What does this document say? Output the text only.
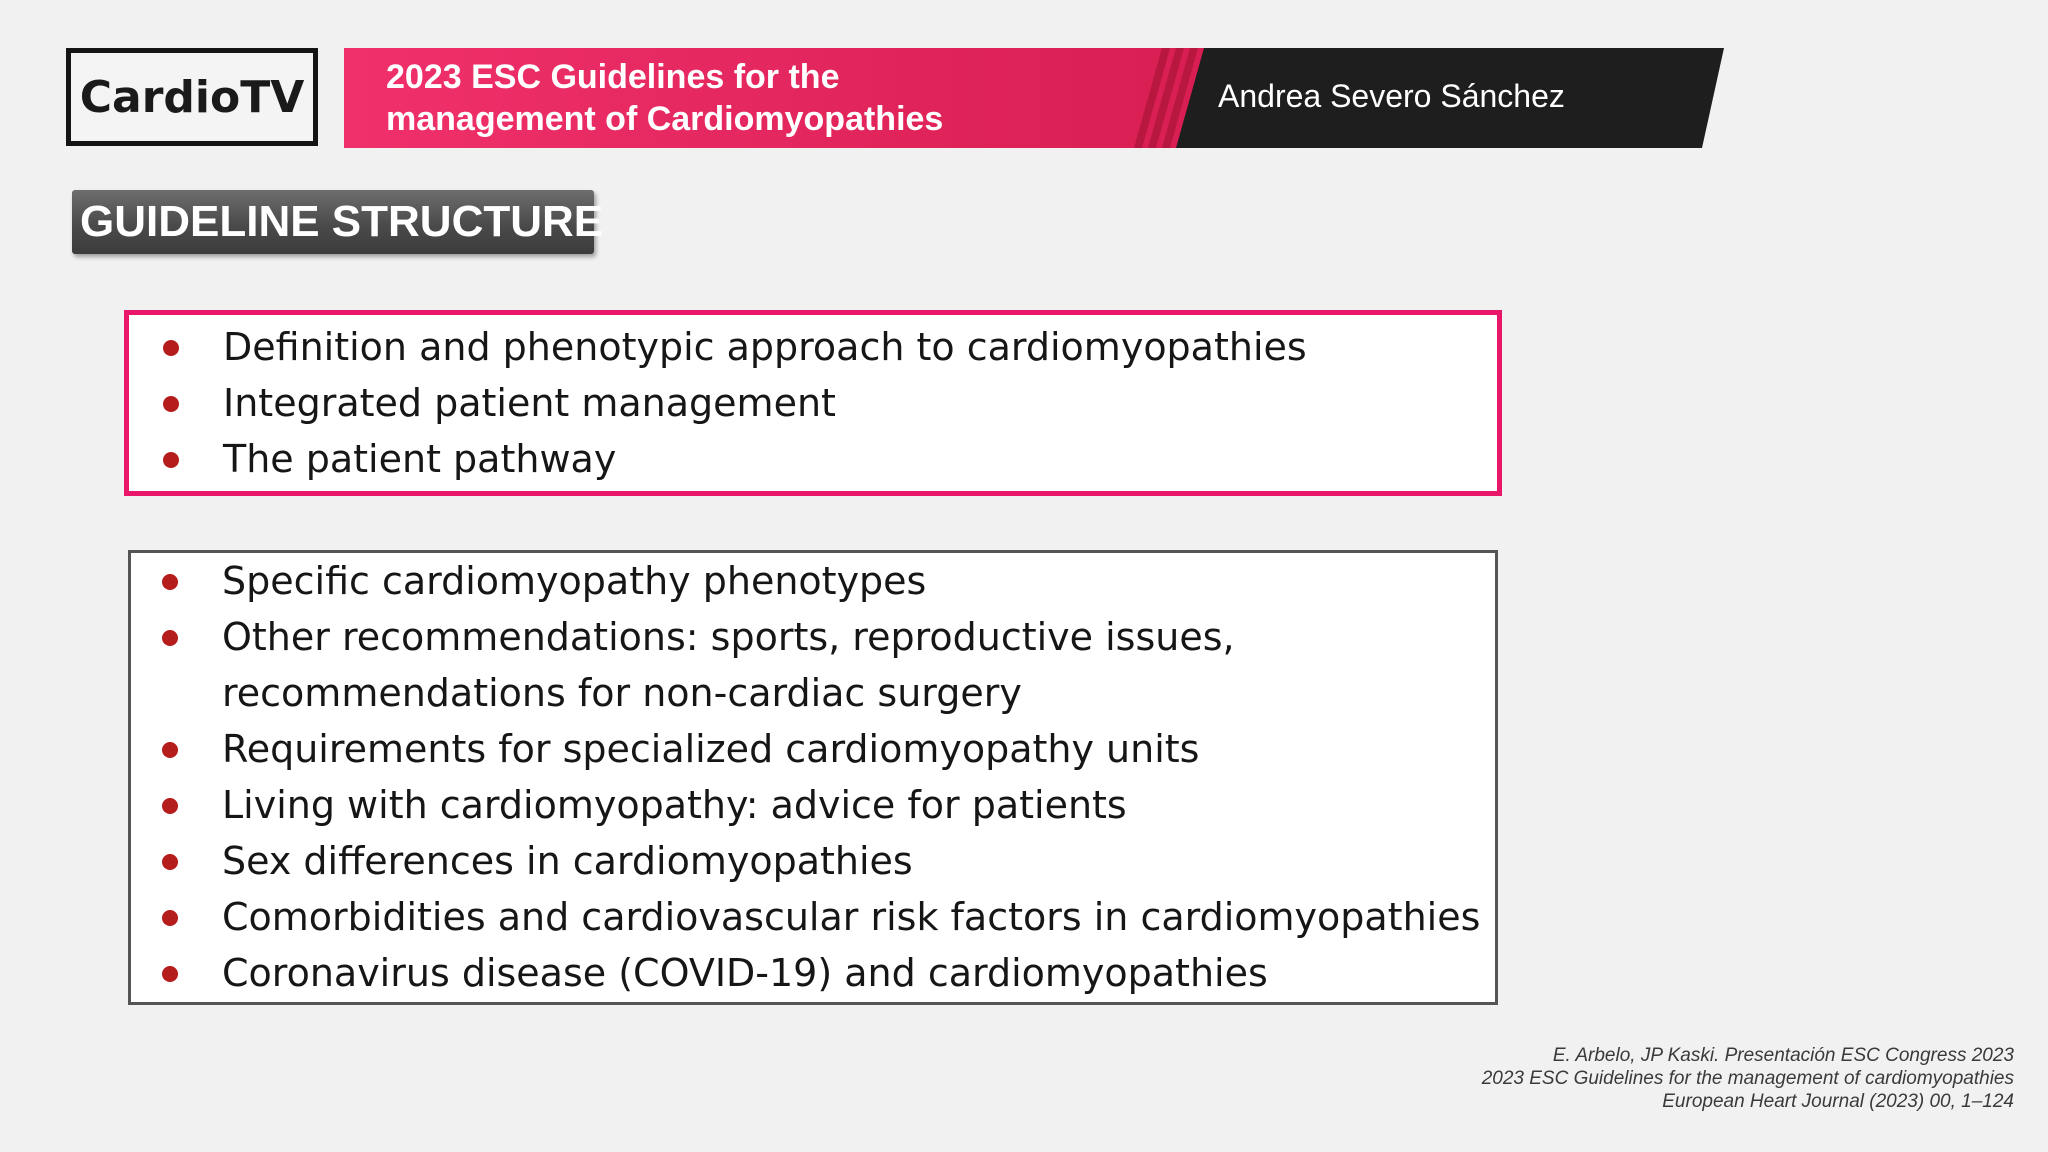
CardioTV 2023 ESC Guidelines for the
management of Cardiomyopathies
Andrea Severo Sánchez
GUIDELINE STRUCTURE
Definition and phenotypic approach to cardiomyopathies
Integrated patient management
The patient pathway
Specific cardiomyopathy phenotypes
Other recommendations: sports, reproductive issues,
recommendations for non-cardiac surgery
Requirements for specialized cardiomyopathy units
Living with cardiomyopathy: advice for patients
Sex differences in cardiomyopathies
Comorbidities and cardiovascular risk factors in cardiomyopathies
Coronavirus disease (COVID-19) and cardiomyopathies
E. Arbelo, JP Kaski. Presentación ESC Congress 2023
2023 ESC Guidelines for the management of cardiomyopathies
European Heart Journal (2023) 00, 1–124
